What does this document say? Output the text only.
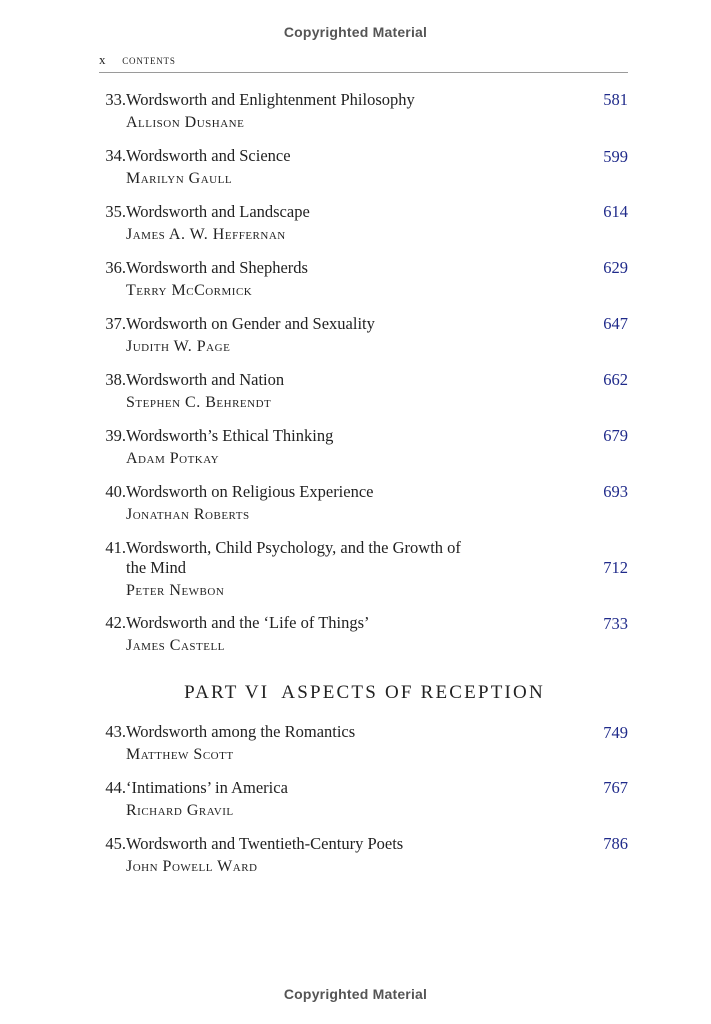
Copyrighted Material
x contents
33. Wordsworth and Enlightenment Philosophy	581
Allison Dushane
34. Wordsworth and Science	599
Marilyn Gaull
35. Wordsworth and Landscape	614
James A. W. Heffernan
36. Wordsworth and Shepherds	629
Terry McCormick
37. Wordsworth on Gender and Sexuality	647
Judith W. Page
38. Wordsworth and Nation	662
Stephen C. Behrendt
39. Wordsworth’s Ethical Thinking	679
Adam Potkay
40. Wordsworth on Religious Experience	693
Jonathan Roberts
41. Wordsworth, Child Psychology, and the Growth of the Mind	712
Peter Newbon
42. Wordsworth and the ‘Life of Things’	733
James Castell
PART VI ASPECTS OF RECEPTION
43. Wordsworth among the Romantics	749
Matthew Scott
44. ‘Intimations’ in America	767
Richard Gravil
45. Wordsworth and Twentieth-Century Poets	786
John Powell Ward
Copyrighted Material
